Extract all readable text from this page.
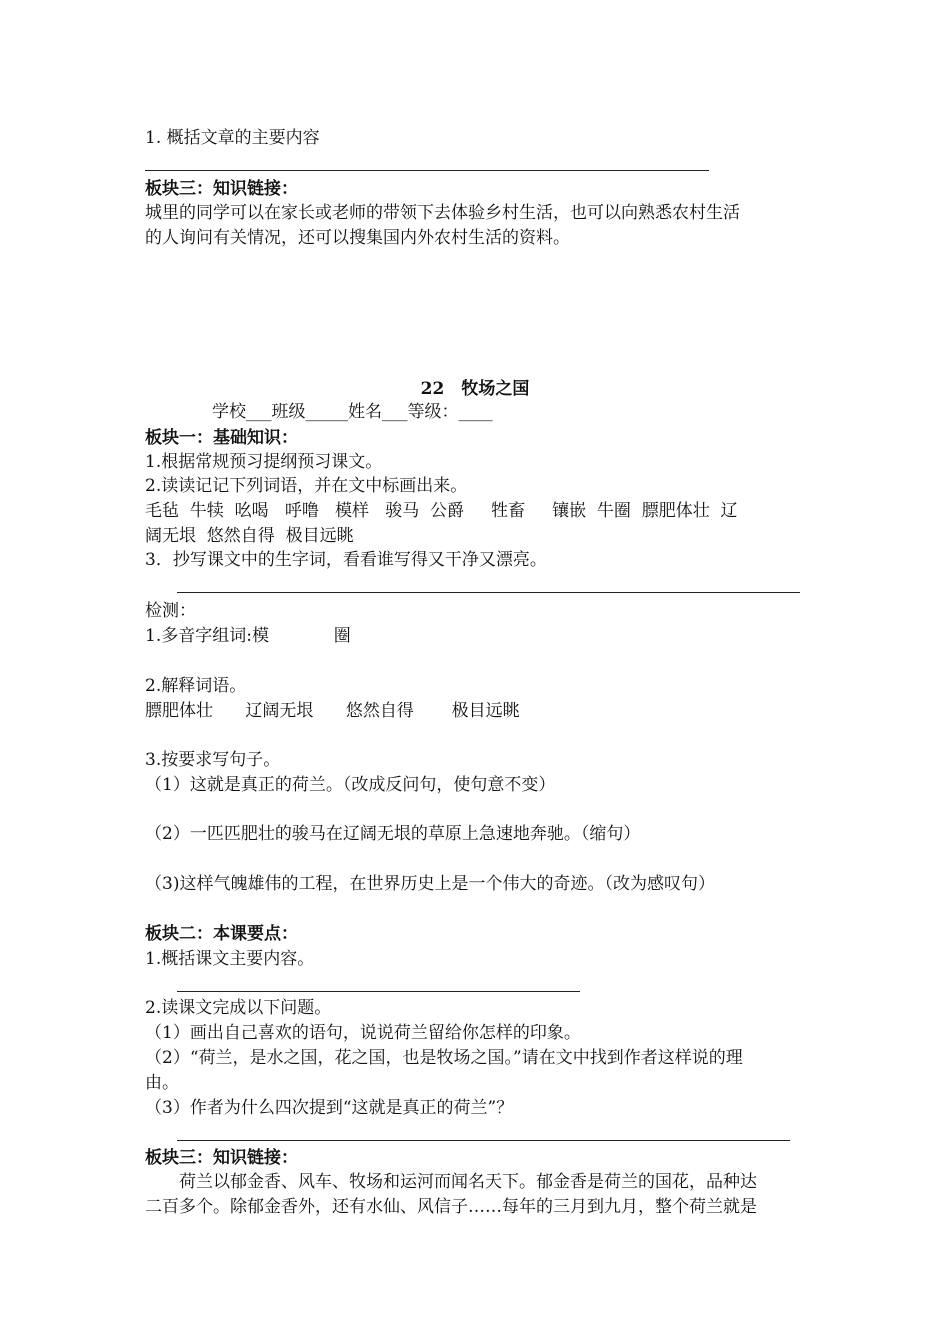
1. 概括文章的主要内容
板块三：知识链接：
城里的同学可以在家长或老师的带领下去体验乡村生活，也可以向熟悉农村生活
的人询问有关情况，还可以搜集国内外农村生活的资料。
22　牧场之国
学校___班级_____姓名___等级：____
板块一：基础知识：
1.根据常规预习提纲预习课文。
2.读读记记下列词语，并在文中标画出来。
毛毡  牛犊  吆喝   呼噜   模样   骏马  公爵     牲畜     镶嵌  牛圈  膘肥体壮  辽
阔无垠  悠然自得  极目远眺
3．抄写课文中的生字词，看看谁写得又干净又漂亮。
检测：
1.多音字组词:模            圈
2.解释词语。
膘肥体壮      辽阔无垠      悠然自得       极目远眺
3.按要求写句子。
（1）这就是真正的荷兰。（改成反问句，使句意不变）
（2）一匹匹肥壮的骏马在辽阔无垠的草原上急速地奔驰。（缩句）
（3)这样气魄雄伟的工程，在世界历史上是一个伟大的奇迹。（改为感叹句）
板块二：本课要点：
1.概括课文主要内容。
2.读课文完成以下问题。
（1）画出自己喜欢的语句，说说荷兰留给你怎样的印象。
（2）“荷兰，是水之国，花之国，也是牧场之国。”请在文中找到作者这样说的理
由。
（3）作者为什么四次提到“这就是真正的荷兰”？
板块三：知识链接：
　　荷兰以郁金香、风车、牧场和运河而闻名天下。郁金香是荷兰的国花，品种达
二百多个。除郁金香外，还有水仙、风信子……每年的三月到九月，整个荷兰就是
